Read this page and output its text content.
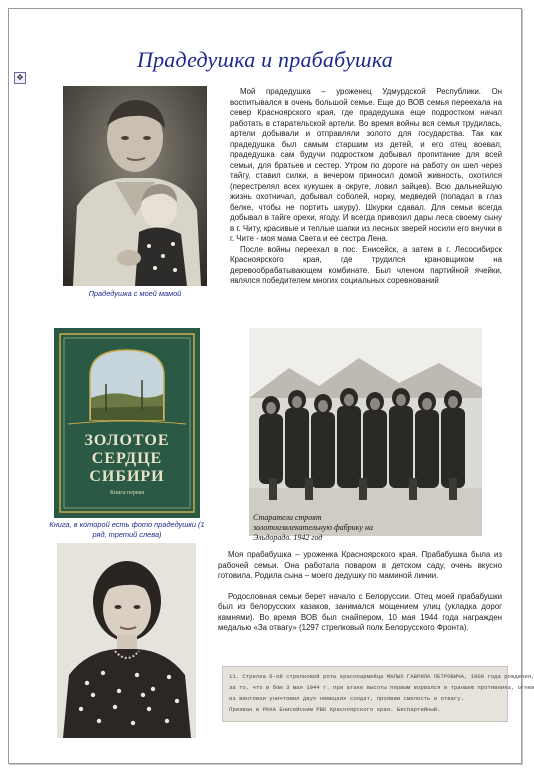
✥
Прадедушка и прабабушка
Прадедушка с моей мамой

Мой прадедушка – уроженец Удмурдской Республики. Он воспитывался в очень большой семье. Еще до ВОВ семья переехала на север Красноярского края, где прадедушка еще подростком начал работать в старательской артели. Во время войны вся семья трудилась, артели добывали и отправляли золото для государства. Так как прадедушка был самым старшим из детей, и его отец воевал, прадедушка сам будучи подростком добывал пропитание для всей семьи, для братьев и сестер. Утром по дороге на работу он шел через тайгу, ставил силки, а вечером приносил домой живность, охотился (перестрелял всех кукушек в округе, ловил зайцев). Всю дальнейшую жизнь охотничал, добывал соболей, норку, медведей (попадал в глаз белке, чтобы не портить шкуру). Шкурки сдавал. Для семьи всегда добывал в тайге орехи, ягоду. И всегда привозил дары леса своему сыну в г. Читу, красивые и теплые шапки из лесных зверей носили его внучки в г. Чите - моя мама Света и ее сестра Лена.

После войны переехал в пос. Енисейск, а затем в г. Лесосибирск Красноярского края, где трудился крановщиком на деревообрабатывающем комбинате. Был членом партийной ячейки, являлся победителем многих социальных соревнований

ЗОЛОТОЕ
СЕРДЦЕ
СИБИРИ
Книга первая
Книга, в которой есть фото прадедушки (1 ряд, третий слева)
Старатели строят золотоизвлекательную фабрику на Эльдорадо. 1942 год

Моя прабабушка – уроженка Красноярского края. Прабабушка была из рабочей семьи. Она работала поваром в детском саду, очень вкусно готовила. Родила сына – моего дедушку по маминой линии.

Родословная семьи берет начало с Белоруссии. Отец моей прабабушки был из белорусских казаков, занимался мощением улиц (укладка дорог камнями). Во время ВОВ был снайпером, 10 мая 1944 года награжден медалью «За отвагу» (1297 стрелковый полк Белорусского Фронта).

11. Стрелка 6-ой стрелковой роты красноармейца МАЛЫХ ГАВРИЛА ПЕТРОВИЧА, 1908 года рождения,
за то, что в бою 3 мая 1944 г. при атаке высоты первым ворвался в траншею противника, огнем
из винтовки уничтожил двух немецких солдат, проявив смелость и отвагу.
Призван в РККА Енисейским РВК Красноярского края. Беспартийный.
